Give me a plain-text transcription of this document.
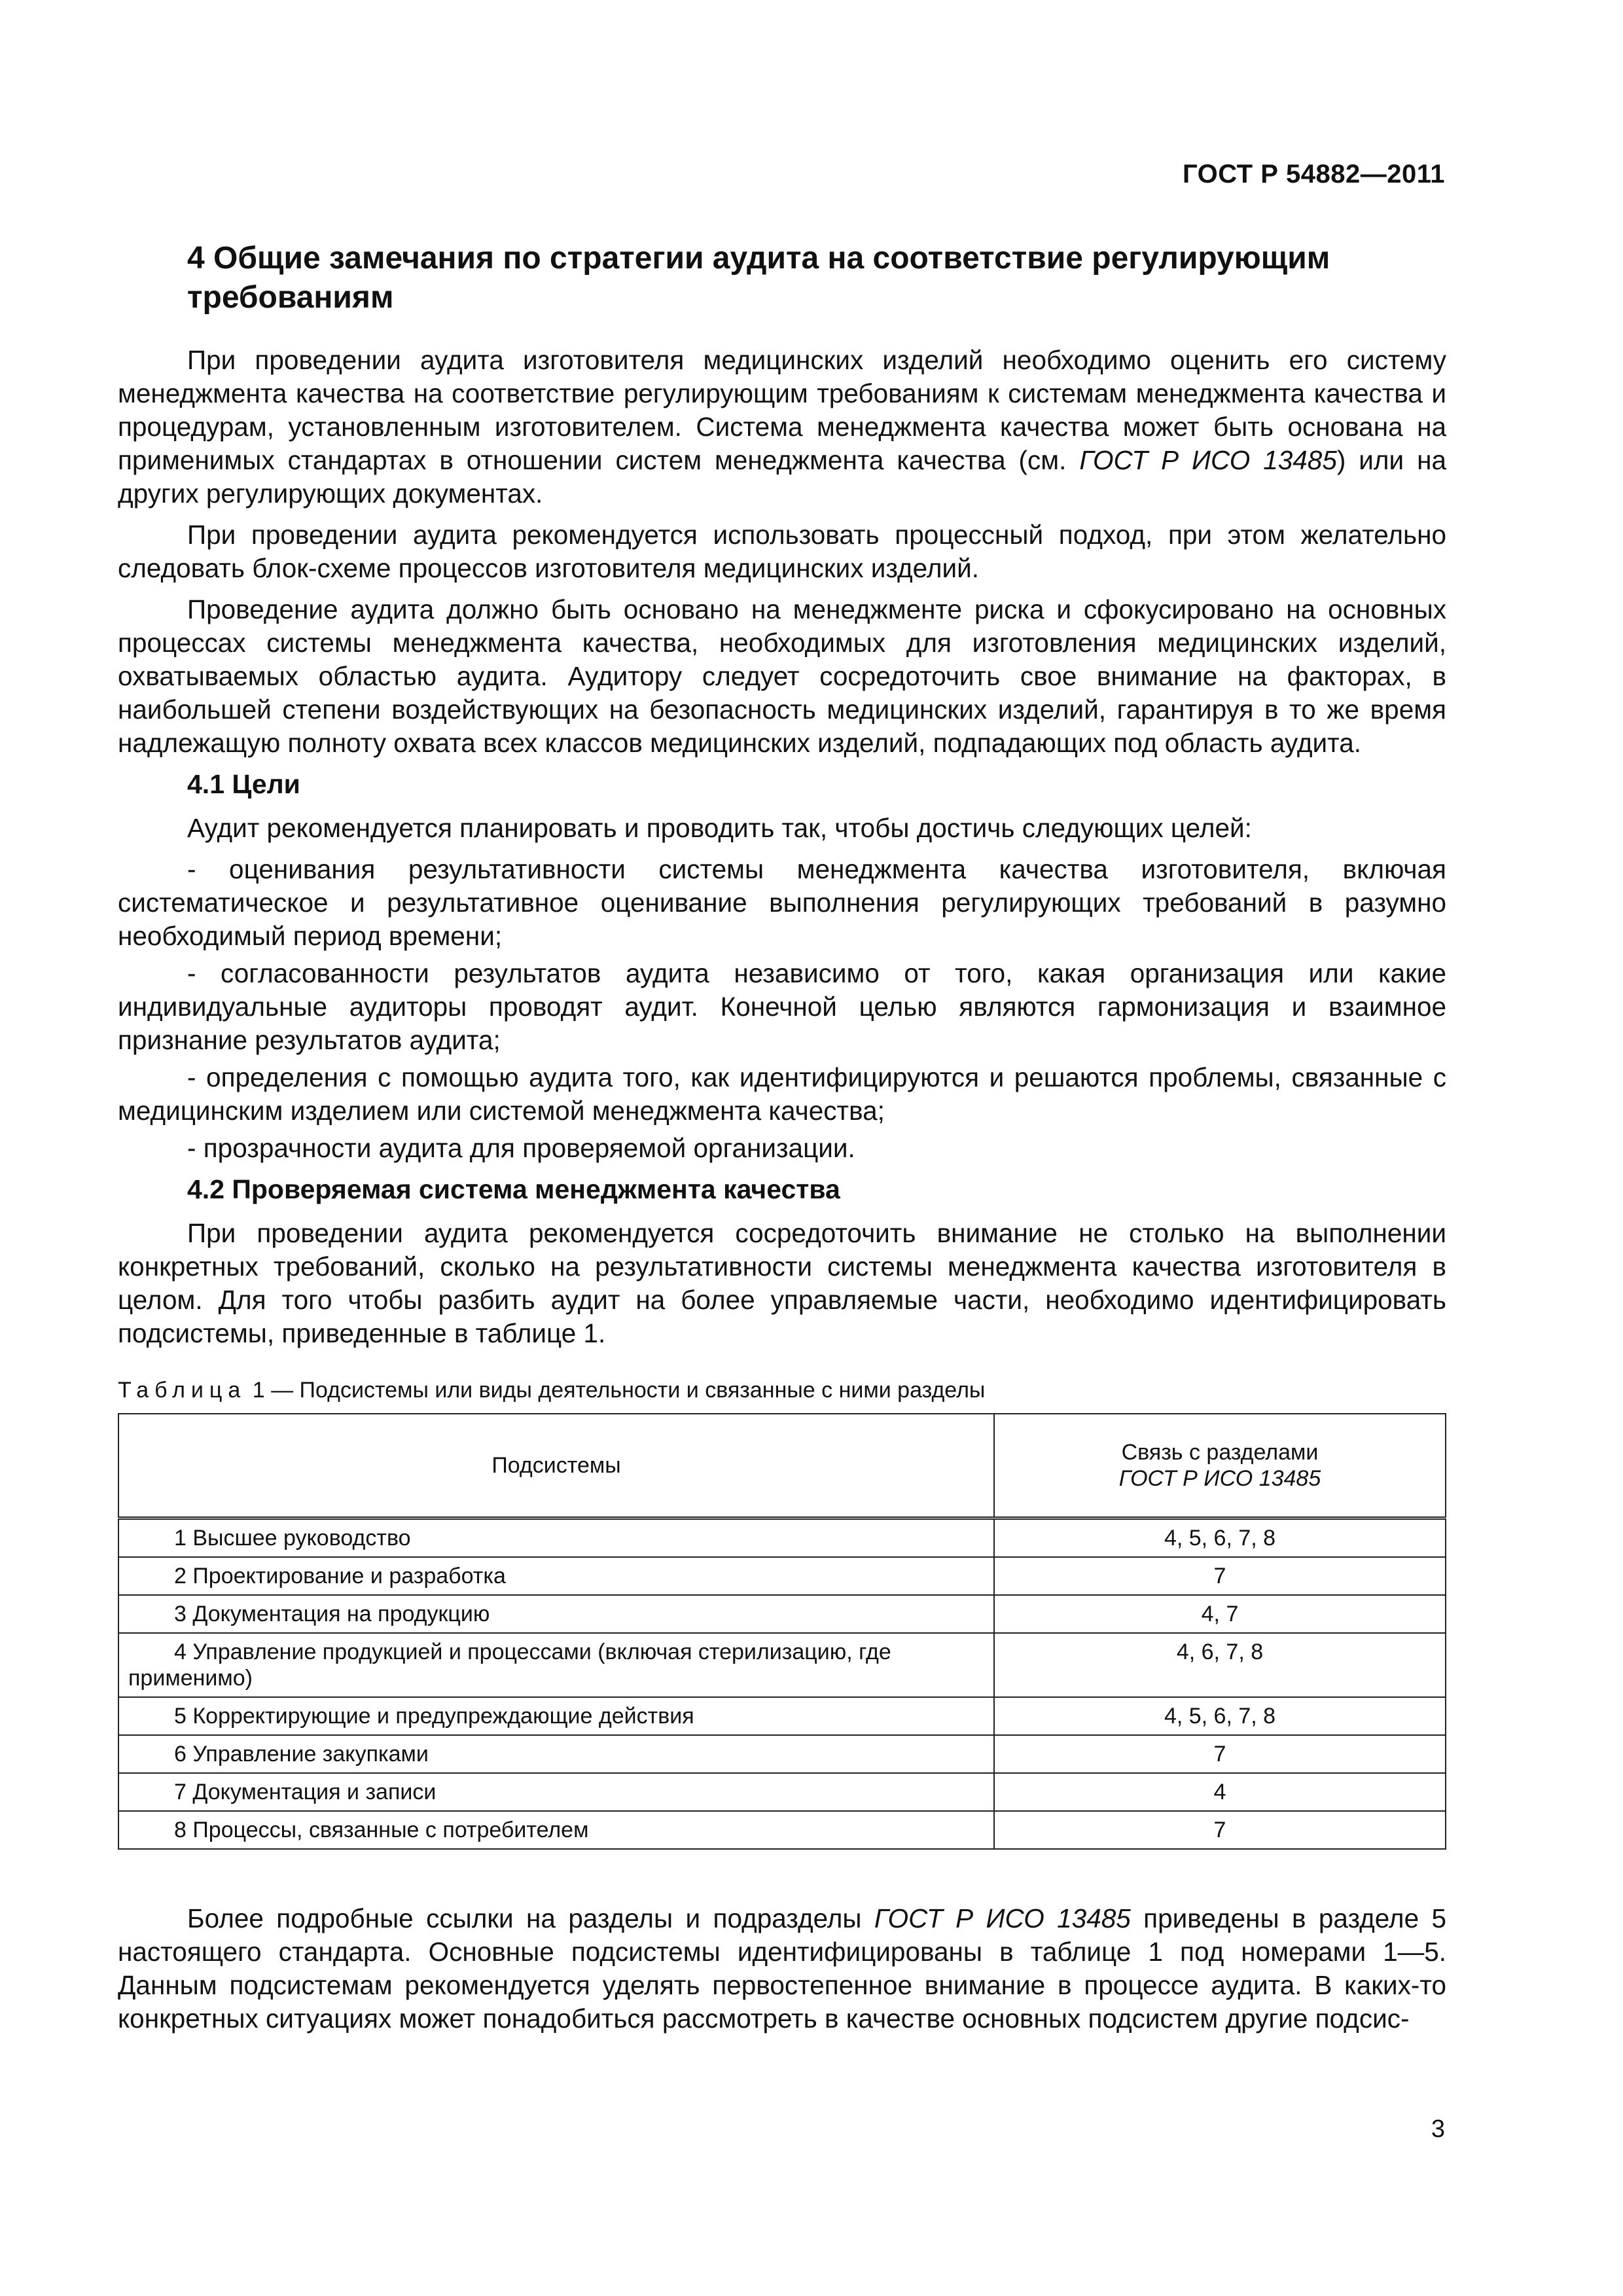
ГОСТ Р 54882—2011
4 Общие замечания по стратегии аудита на соответствие регулирующим требованиям

При проведении аудита изготовителя медицинских изделий необходимо оценить его систему менеджмента качества на соответствие регулирующим требованиям к системам менеджмента качества и процедурам, установленным изготовителем. Система менеджмента качества может быть основана на применимых стандартах в отношении систем менеджмента качества (см. ГОСТ Р ИСО 13485) или на других регулирующих документах.

При проведении аудита рекомендуется использовать процессный подход, при этом желательно следовать блок-схеме процессов изготовителя медицинских изделий.

Проведение аудита должно быть основано на менеджменте риска и сфокусировано на основных процессах системы менеджмента качества, необходимых для изготовления медицинских изделий, охватываемых областью аудита. Аудитору следует сосредоточить свое внимание на факторах, в наибольшей степени воздействующих на безопасность медицинских изделий, гарантируя в то же время надлежащую полноту охвата всех классов медицинских изделий, подпадающих под область аудита.

4.1 Цели

Аудит рекомендуется планировать и проводить так, чтобы достичь следующих целей:

- оценивания результативности системы менеджмента качества изготовителя, включая систематическое и результативное оценивание выполнения регулирующих требований в разумно необходимый период времени;

- согласованности результатов аудита независимо от того, какая организация или какие индивидуальные аудиторы проводят аудит. Конечной целью являются гармонизация и взаимное признание результатов аудита;

- определения с помощью аудита того, как идентифицируются и решаются проблемы, связанные с медицинским изделием или системой менеджмента качества;

- прозрачности аудита для проверяемой организации.

4.2 Проверяемая система менеджмента качества

При проведении аудита рекомендуется сосредоточить внимание не столько на выполнении конкретных требований, сколько на результативности системы менеджмента качества изготовителя в целом. Для того чтобы разбить аудит на более управляемые части, необходимо идентифицировать подсистемы, приведенные в таблице 1.

Таблица 1 — Подсистемы или виды деятельности и связанные с ними разделы
Подсистемы	Связь с разделами
ГОСТ Р ИСО 13485

1 Высшее руководство	4, 5, 6, 7, 8
2 Проектирование и разработка	7
3 Документация на продукцию	4, 7
4 Управление продукцией и процессами (включая стерилизацию, где применимо)	4, 6, 7, 8
5 Корректирующие и предупреждающие действия	4, 5, 6, 7, 8
6 Управление закупками	7
7 Документация и записи	4
8 Процессы, связанные с потребителем	7

Более подробные ссылки на разделы и подразделы ГОСТ Р ИСО 13485 приведены в разделе 5 настоящего стандарта. Основные подсистемы идентифицированы в таблице 1 под номерами 1—5. Данным подсистемам рекомендуется уделять первостепенное внимание в процессе аудита. В каких-то конкретных ситуациях может понадобиться рассмотреть в качестве основных подсистем другие подсис-

3
